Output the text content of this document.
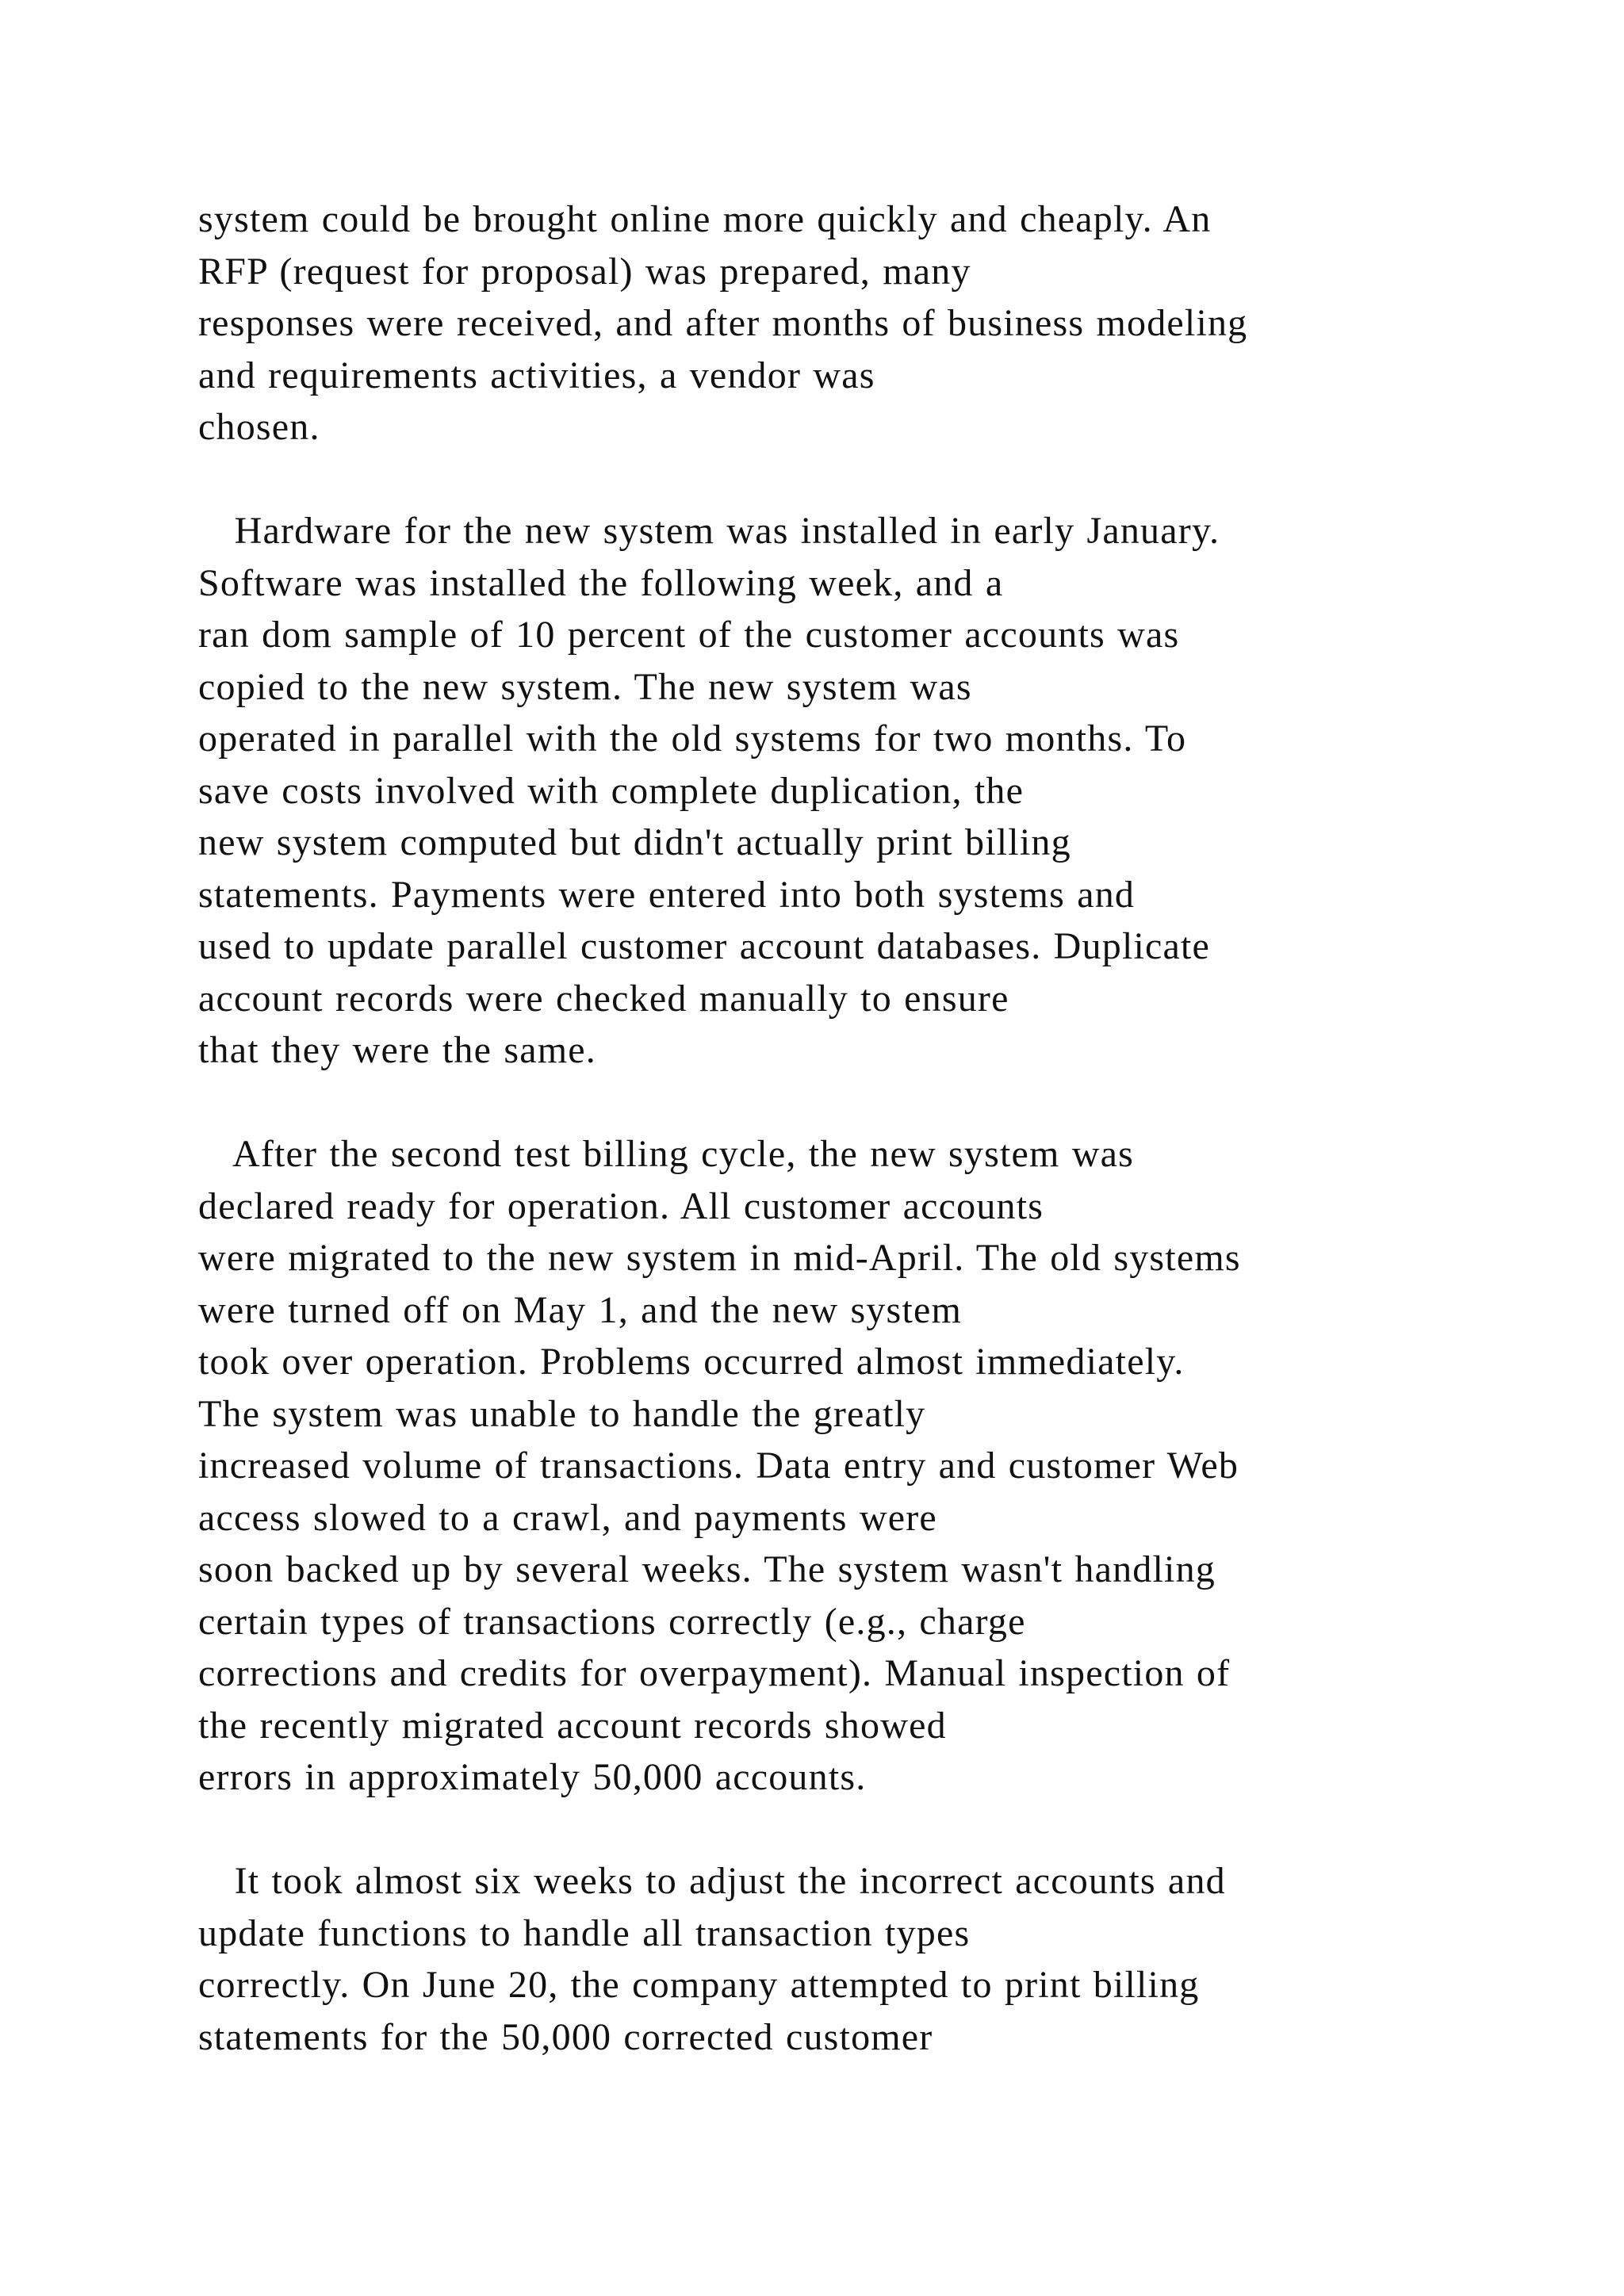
system could be brought online more quickly and cheaply. An
RFP (request for proposal) was prepared, many
responses were received, and after months of business modeling
and requirements activities, a vendor was
chosen.
Hardware for the new system was installed in early January.
Software was installed the following week, and a
ran dom sample of 10 percent of the customer accounts was
copied to the new system. The new system was
operated in parallel with the old systems for two months. To
save costs involved with complete duplication, the
new system computed but didn't actually print billing
statements. Payments were entered into both systems and
used to update parallel customer account databases. Duplicate
account records were checked manually to ensure
that they were the same.
After the second test billing cycle, the new system was
declared ready for operation. All customer accounts
were migrated to the new system in mid-April. The old systems
were turned off on May 1, and the new system
took over operation. Problems occurred almost immediately.
The system was unable to handle the greatly
increased volume of transactions. Data entry and customer Web
access slowed to a crawl, and payments were
soon backed up by several weeks. The system wasn't handling
certain types of transactions correctly (e.g., charge
corrections and credits for overpayment). Manual inspection of
the recently migrated account records showed
errors in approximately 50,000 accounts.
It took almost six weeks to adjust the incorrect accounts and
update functions to handle all transaction types
correctly. On June 20, the company attempted to print billing
statements for the 50,000 corrected customer
